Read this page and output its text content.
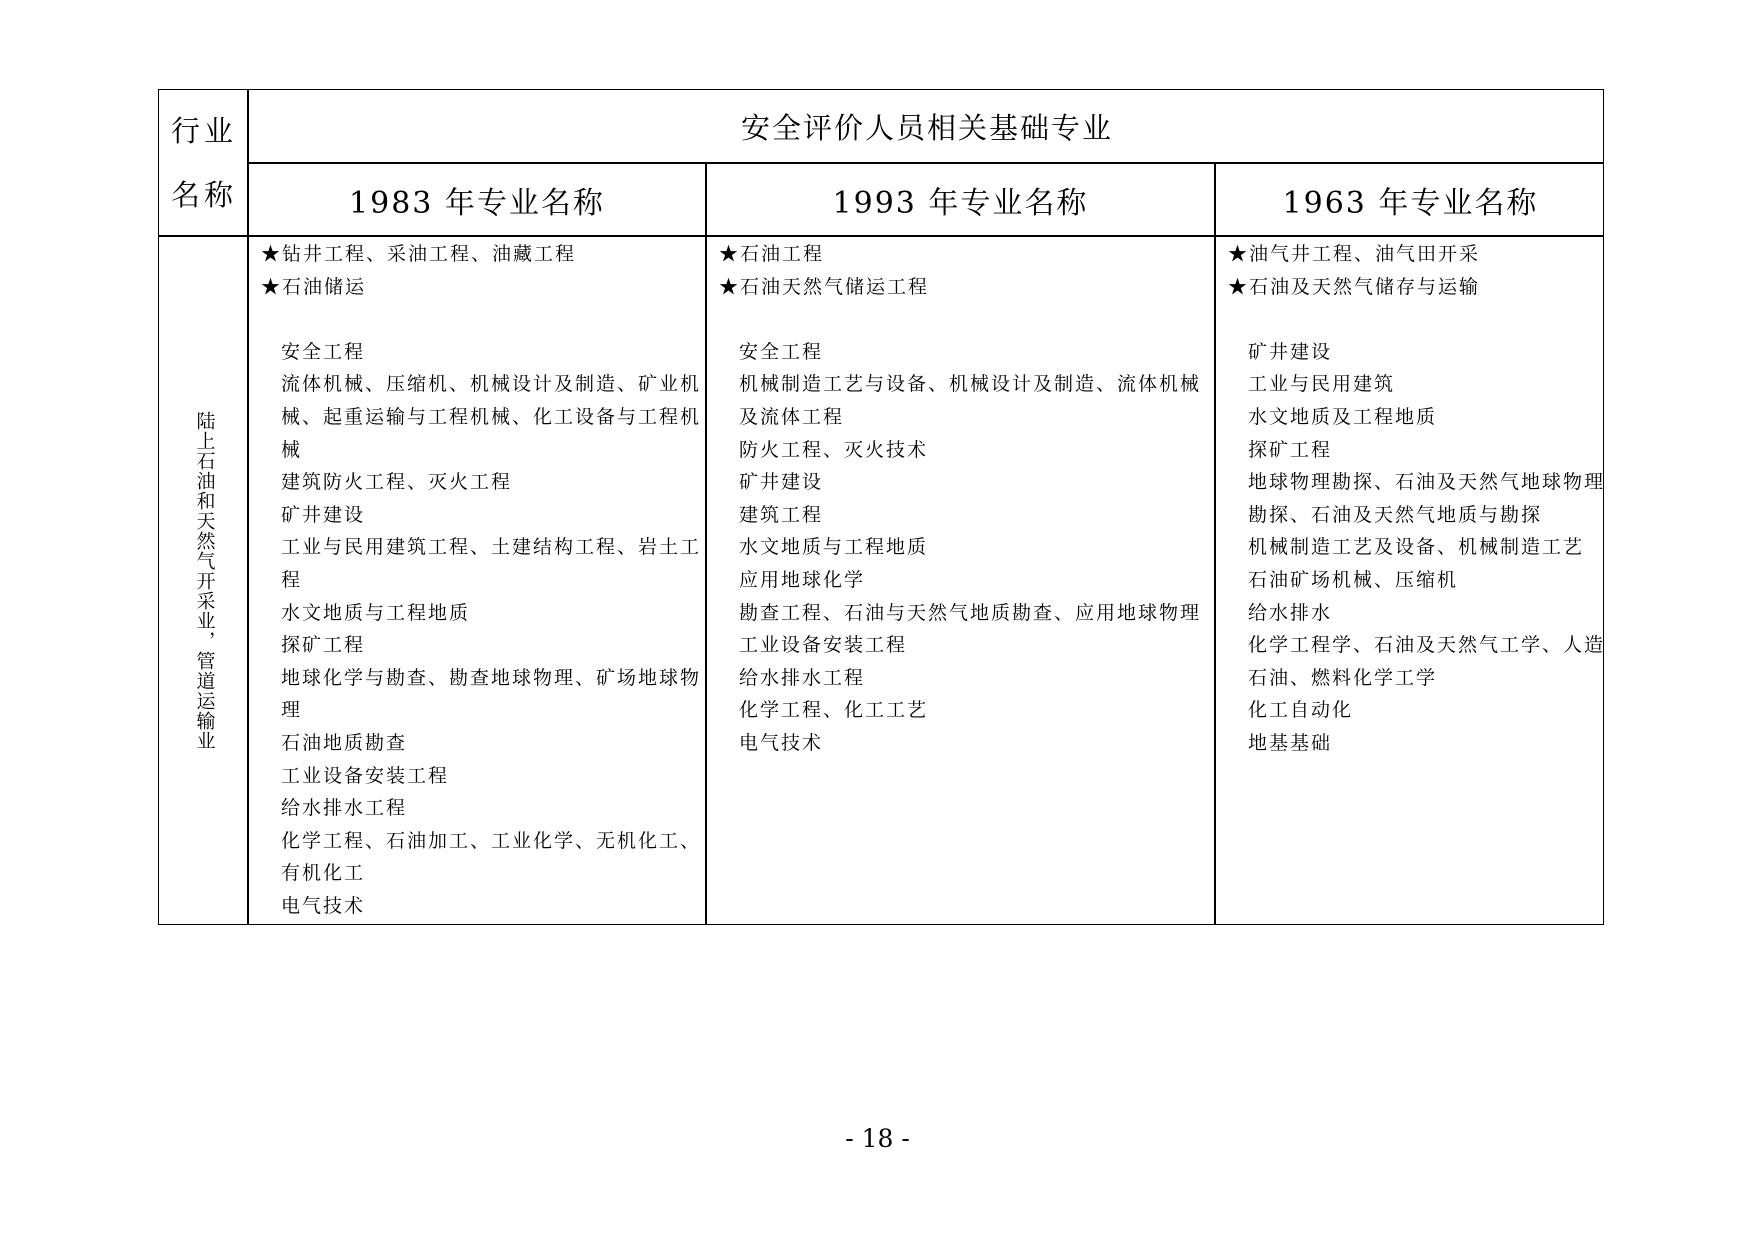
行业
名称
安全评价人员相关基础专业
1983 年专业名称	1993 年专业名称	1963 年专业名称
陆上石油和天然气开采业，管道运输业
★钻井工程、采油工程、油藏工程
★石油储运
安全工程
流体机械、压缩机、机械设计及制造、矿业机
械、起重运输与工程机械、化工设备与工程机
械
建筑防火工程、灭火工程
矿井建设
工业与民用建筑工程、土建结构工程、岩土工
程
水文地质与工程地质
探矿工程
地球化学与勘查、勘查地球物理、矿场地球物
理
石油地质勘查
工业设备安装工程
给水排水工程
化学工程、石油加工、工业化学、无机化工、
有机化工
电气技术
★石油工程
★石油天然气储运工程
安全工程
机械制造工艺与设备、机械设计及制造、流体机械
及流体工程
防火工程、灭火技术
矿井建设
建筑工程
水文地质与工程地质
应用地球化学
勘查工程、石油与天然气地质勘查、应用地球物理
工业设备安装工程
给水排水工程
化学工程、化工工艺
电气技术
★油气井工程、油气田开采
★石油及天然气储存与运输
矿井建设
工业与民用建筑
水文地质及工程地质
探矿工程
地球物理勘探、石油及天然气地球物理
勘探、石油及天然气地质与勘探
机械制造工艺及设备、机械制造工艺
石油矿场机械、压缩机
给水排水
化学工程学、石油及天然气工学、人造
石油、燃料化学工学
化工自动化
地基基础
- 18 -
